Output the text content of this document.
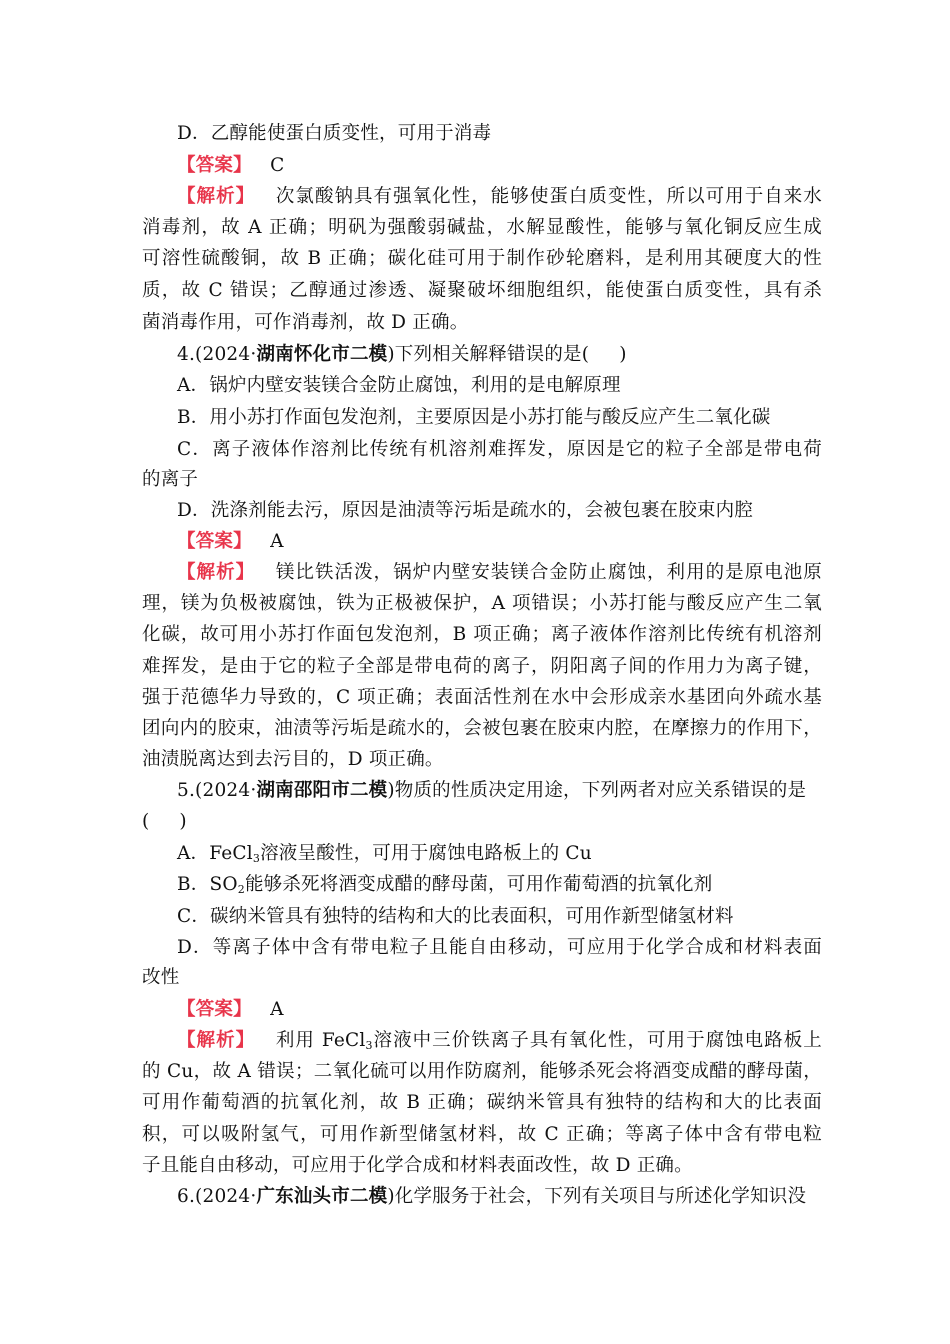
D．乙醇能使蛋白质变性，可用于消毒
【答案】 C
【解析】 次氯酸钠具有强氧化性，能够使蛋白质变性，所以可用于自来水
消毒剂，故 A 正确；明矾为强酸弱碱盐，水解显酸性，能够与氧化铜反应生成
可溶性硫酸铜，故 B 正确；碳化硅可用于制作砂轮磨料，是利用其硬度大的性
质，故 C 错误；乙醇通过渗透、凝聚破坏细胞组织，能使蛋白质变性，具有杀
菌消毒作用，可作消毒剂，故 D 正确。
4.(2024·湖南怀化市二模)下列相关解释错误的是( )
A．锅炉内壁安装镁合金防止腐蚀，利用的是电解原理
B．用小苏打作面包发泡剂，主要原因是小苏打能与酸反应产生二氧化碳
C．离子液体作溶剂比传统有机溶剂难挥发，原因是它的粒子全部是带电荷
的离子
D．洗涤剂能去污，原因是油渍等污垢是疏水的，会被包裹在胶束内腔
【答案】 A
【解析】 镁比铁活泼，锅炉内壁安装镁合金防止腐蚀，利用的是原电池原
理，镁为负极被腐蚀，铁为正极被保护，A 项错误；小苏打能与酸反应产生二氧
化碳，故可用小苏打作面包发泡剂，B 项正确；离子液体作溶剂比传统有机溶剂
难挥发，是由于它的粒子全部是带电荷的离子，阴阳离子间的作用力为离子键，
强于范德华力导致的，C 项正确；表面活性剂在水中会形成亲水基团向外疏水基
团向内的胶束，油渍等污垢是疏水的，会被包裹在胶束内腔，在摩擦力的作用下，
油渍脱离达到去污目的，D 项正确。
5.(2024·湖南邵阳市二模)物质的性质决定用途，下列两者对应关系错误的是
( )
A．FeCl$_3$溶液呈酸性，可用于腐蚀电路板上的 Cu
B．$SO_2$能够杀死将酒变成醋的酵母菌，可用作葡萄酒的抗氧化剂
C．碳纳米管具有独特的结构和大的比表面积，可用作新型储氢材料
D．等离子体中含有带电粒子且能自由移动，可应用于化学合成和材料表面
改性
【答案】 A
【解析】 利用 FeCl$_3$溶液中三价铁离子具有氧化性，可用于腐蚀电路板上
的 Cu，故 A 错误；二氧化硫可以用作防腐剂，能够杀死会将酒变成醋的酵母菌，
可用作葡萄酒的抗氧化剂，故 B 正确；碳纳米管具有独特的结构和大的比表面
积，可以吸附氢气，可用作新型储氢材料，故 C 正确；等离子体中含有带电粒
子且能自由移动，可应用于化学合成和材料表面改性，故 D 正确。
6.(2024·广东汕头市二模)化学服务于社会，下列有关项目与所述化学知识没
